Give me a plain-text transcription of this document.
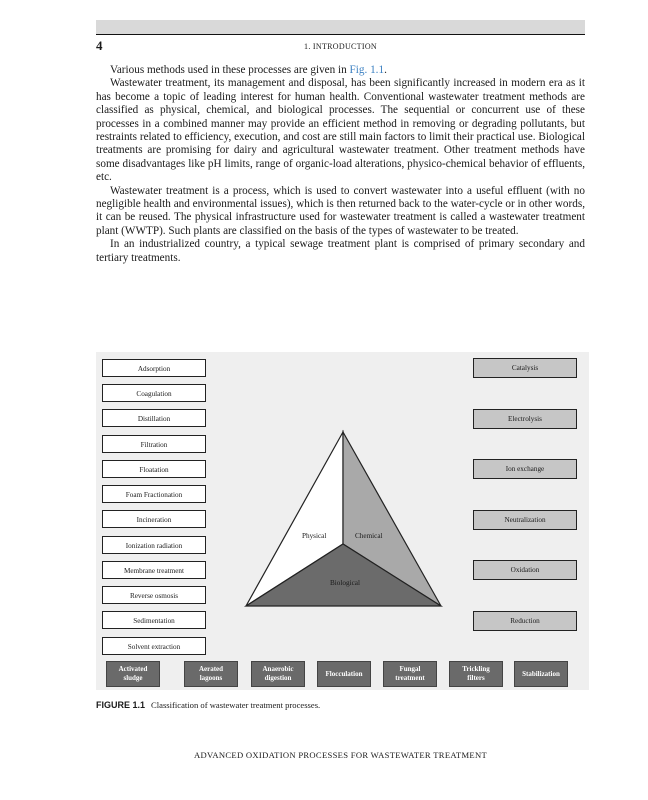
4	1. INTRODUCTION

Various methods used in these processes are given in Fig. 1.1.

Wastewater treatment, its management and disposal, has been significantly increased in modern era as it has become a topic of leading interest for human health. Conventional wastewater treatment methods are classified as physical, chemical, and biological processes. The sequential or concurrent use of these processes in a combined manner may provide an efficient method in removing or degrading pollutants, but restraints related to efficiency, execution, and cost are still main factors to limit their practical use. Biological treatments are promising for dairy and agricultural wastewater treatment. Other treatment methods have some disadvantages like pH limits, range of organic-load alterations, physico-chemical behavior of effluents, etc.

Wastewater treatment is a process, which is used to convert wastewater into a useful effluent (with no negligible health and environmental issues), which is then returned back to the water-cycle or in other words, it can be reused. The physical infrastructure used for wastewater treatment is called a wastewater treatment plant (WWTP). Such plants are classified on the basis of the types of wastewater to be treated.

In an industrialized country, a typical sewage treatment plant is comprised of primary secondary and tertiary treatments.

Adsorption
Coagulation
Distillation
Filtration
Floatation
Foam Fractionation
Incineration
Ionization radiation
Membrane treatment
Reverse osmosis
Sedimentation
Solvent extraction
Catalysis
Electrolysis
Ion exchange
Neutralization
Oxidation
Reduction
Physical	Chemical
Biological
Activated
sludge
Aerated
lagoons
Anaerobic
digestion
Flocculation
Fungal
treatment
Trickling
filters
Stabilization
FIGURE 1.1 Classification of wastewater treatment processes.
ADVANCED OXIDATION PROCESSES FOR WASTEWATER TREATMENT
